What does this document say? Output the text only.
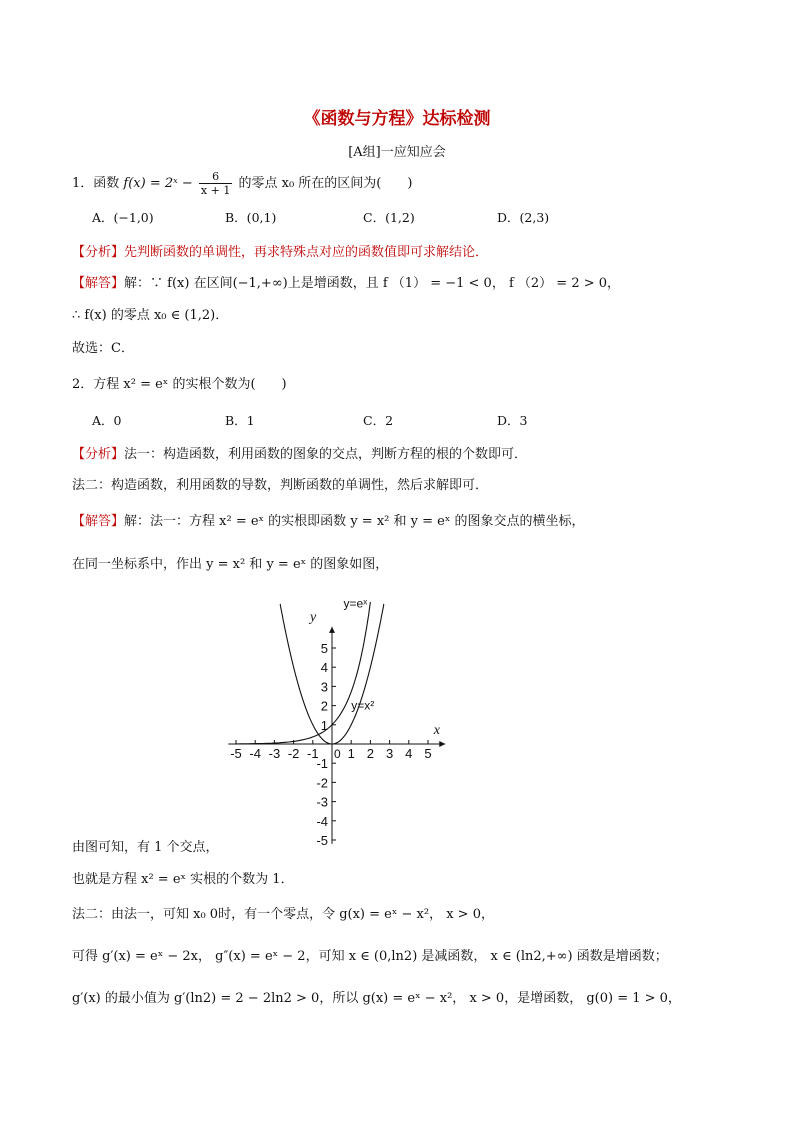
《函数与方程》达标检测
[A组]一应知应会
1．函数 f(x) = 2ˣ − $\frac{6}{x + 1}$ 的零点 x₀ 所在的区间为(　　)
A．(−1,0)	B．(0,1)	C．(1,2)	D．(2,3)
【分析】先判断函数的单调性，再求特殊点对应的函数值即可求解结论．
【解答】解：∵ f(x) 在区间(−1,+∞)上是增函数，且 f （1） = −1 < 0， f （2） = 2 > 0，
∴ f(x) 的零点 x₀ ∈ (1,2)．
故选：C．
2．方程 x² = eˣ 的实根个数为(　　)
A．0	B．1	C．2	D．3
【分析】法一：构造函数，利用函数的图象的交点，判断方程的根的个数即可．
法二：构造函数，利用函数的导数，判断函数的单调性，然后求解即可．
【解答】解：法一：方程 x² = eˣ 的实根即函数 y = x² 和 y = eˣ 的图象交点的横坐标，
在同一坐标系中，作出 y = x² 和 y = eˣ 的图象如图，
-5 -4 -3 -2 -1 1 2 3 4 5
5
4
3
2
1
-1
-2
-3
-4
-5
0
x
y
y=eˣ
y=x²
由图可知，有 1 个交点，
也就是方程 x² = eˣ 实根的个数为 1．
法二：由法一，可知 x₀ 0时，有一个零点，令 g(x) = eˣ − x²， x > 0，
可得 g′(x) = eˣ − 2x， g″(x) = eˣ − 2，可知 x ∈ (0,ln2) 是减函数， x ∈ (ln2,+∞) 函数是增函数；
g′(x) 的最小值为 g′(ln2) = 2 − 2ln2 > 0，所以 g(x) = eˣ − x²， x > 0，是增函数， g(0) = 1 > 0，
